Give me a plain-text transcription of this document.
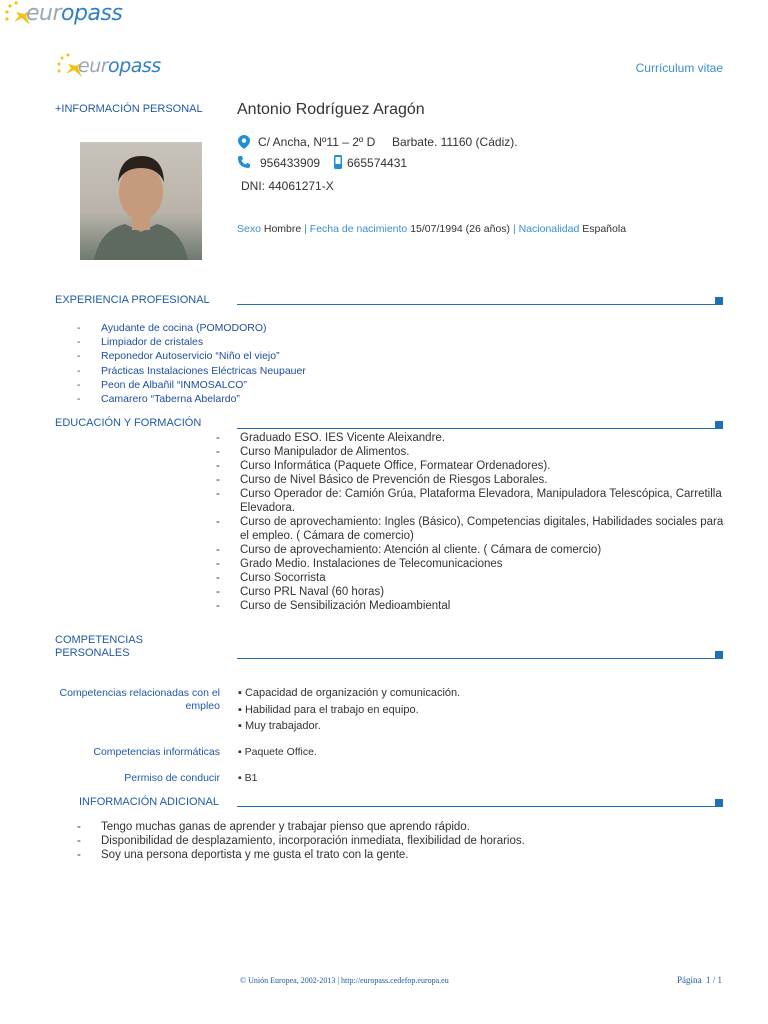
europass
europass	Currículum vitae
+INFORMACIÓN PERSONAL Antonio Rodríguez Aragón
C/ Ancha, Nº11 – 2º D     Barbate. 11160 (Cádiz).
956433909 665574431
DNI: 44061271-X
Sexo Hombre | Fecha de nacimiento 15/07/1994 (26 años) | Nacionalidad Española
EXPERIENCIA PROFESIONAL
- Ayudante de cocina (POMODORO)
- Limpiador de cristales
- Reponedor Autoservicio “Niño el viejo”
- Prácticas Instalaciones Eléctricas Neupauer
- Peon de Albañil “INMOSALCO”
- Camarero “Taberna Abelardo”
EDUCACIÓN Y FORMACIÓN
- Graduado ESO. IES Vicente Aleixandre.
- Curso Manipulador de Alimentos.
- Curso Informática (Paquete Office, Formatear Ordenadores).
- Curso de Nivel Básico de Prevención de Riesgos Laborales.
- Curso Operador de: Camión Grúa, Plataforma Elevadora, Manipuladora Telescópica, Carretilla Elevadora.
- Curso de aprovechamiento: Ingles (Básico), Competencias digitales, Habilidades sociales para el empleo. ( Cámara de comercio)
- Curso de aprovechamiento: Atención al cliente. ( Cámara de comercio)
- Grado Medio. Instalaciones de Telecomunicaciones
- Curso Socorrista
- Curso PRL Naval (60 horas)
- Curso de Sensibilización Medioambiental
COMPETENCIAS
PERSONALES
Competencias relacionadas con el empleo
▪ Capacidad de organización y comunicación.
▪ Habilidad para el trabajo en equipo.
▪ Muy trabajador.
Competencias informáticas ▪ Paquete Office.
Permiso de conducir ▪ B1
INFORMACIÓN ADICIONAL
- Tengo muchas ganas de aprender y trabajar pienso que aprendo rápido.
- Disponibilidad de desplazamiento, incorporación inmediata, flexibilidad de horarios.
- Soy una persona deportista y me gusta el trato con la gente.
© Unión Europea, 2002-2013 | http://europass.cedefop.europa.eu	Página  1 / 1
